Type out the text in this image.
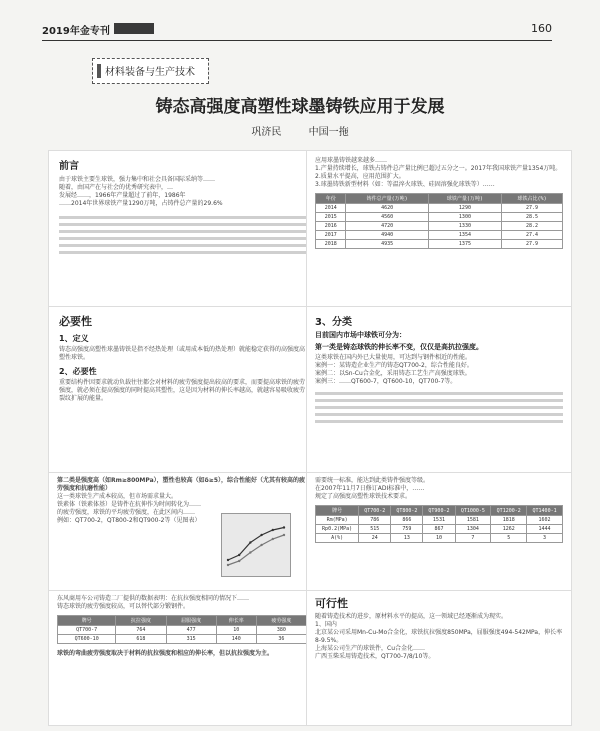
2019年金专刊	160
材料装备与生产技术
铸态高强度高塑性球墨铸铁应用于发展
巩济民	中国一拖
前言
由于球铁主要生球铁，强力集中和社会具备国际采纳等……
随着，由国产在与社会的优秀研究表中，…
发展经……，1966年产量超过了前年，1986年
……2014年世界球铁产量1290万吨，占铸件总产量的29.6%
应用球墨铸铁越来越多……
1.产量持续增长，球铁占铸件总产量比例已超过五分之一。2017年我国球铁产量1354万吨。
2.质量水平提高，应用范围扩大。
3.球墨铸铁新型材料（如：等温淬火球铁、硅固溶强化球铁等）……
年份	铸件总产量(万吨)	球铁产量(万吨)	球铁占比(%)
2014	4620	1290	27.9
2015	4560	1300	28.5
2016	4720	1330	28.2
2017	4940	1354	27.4
2018	4935	1375	27.9
必要性
1、定义
铸态高强度高塑性球墨铸铁是指不经热处理（或用成本低的热处理）就能稳定获得的高强度高塑性球铁。
2、必要性
重要结构件因要求就动负载往往都会对材料的疲劳强度提出较高的要求，而要提高球铁的疲劳强度，就必须在提高强度的同时提高其塑性，这是因为材料的伸长率越高，就越容易吸收疲劳裂纹扩展的能量。
3、分类
目前国内市场中球铁可分为：
第一类是铸态球铁的伸长率不变，仅仅是高抗拉强度。
这类球铁在国内外已大量使用，可达到与钢件相近的性能。
案例一：某铸造企业生产的铸态QT700-2，综合性能良好。
案例二：以Sn-Cu合金化，采用铸态工艺生产高强度球铁。
案例三：……QT600-7，QT600-10，QT700-7等。
第二类是强度高（如Rm≥800MPa），塑性也较高（如δ≥5），综合性能好（尤其有较高的疲劳强度和抗磨性能）
这一类球铁生产成本较高，但市场需求量大。
铁素体（铁素体基）是铸件在抗伸作为时间转化为……
的疲劳强度，球铁的平均疲劳强度，在此区间内……
例如：QT700-2，QT800-2和QT900-2等（见图表）
需要统一标准，能达到此类铸件强度等级。
在2007年11月7日修订ADI标准中，……
规定了高强度高塑性球铁技术要求。
牌号	QT700-2	QT800-2	QT900-2	QT1000-5	QT1200-2	QT1400-1
Rm(MPa)	786	866	1531	1581	1818	1602
Rp0.2(MPa)	515	759	867	1304	1262	1444
A(%)	24	13	10	7	5	3
东风商用车公司铸造二厂提供的数据表明：在抗拉强度相同的情况下……
铸态球铁的疲劳强度较高，可以替代部分锻钢件。
牌号	抗拉强度	屈服强度	伸长率	疲劳强度
QT700-7	764	477	10	380
QT600-10	618	315	140	36
球铁的弯曲疲劳强度取决于材料的抗拉强度和相应的伸长率，但以抗拉强度为主。
可行性
随着铸造技术的进步，原材料水平的提高，这一领域已经逐渐成为现实。
1、国内
北京某公司采用Mn-Cu-Mo合金化，球铁抗拉强度850MPa，屈服强度494-542MPa，伸长率8-9.5%。
上海某公司生产的球铁件，Cu合金化……
广西玉柴采用铸造技术，QT700-7/8/10等。
